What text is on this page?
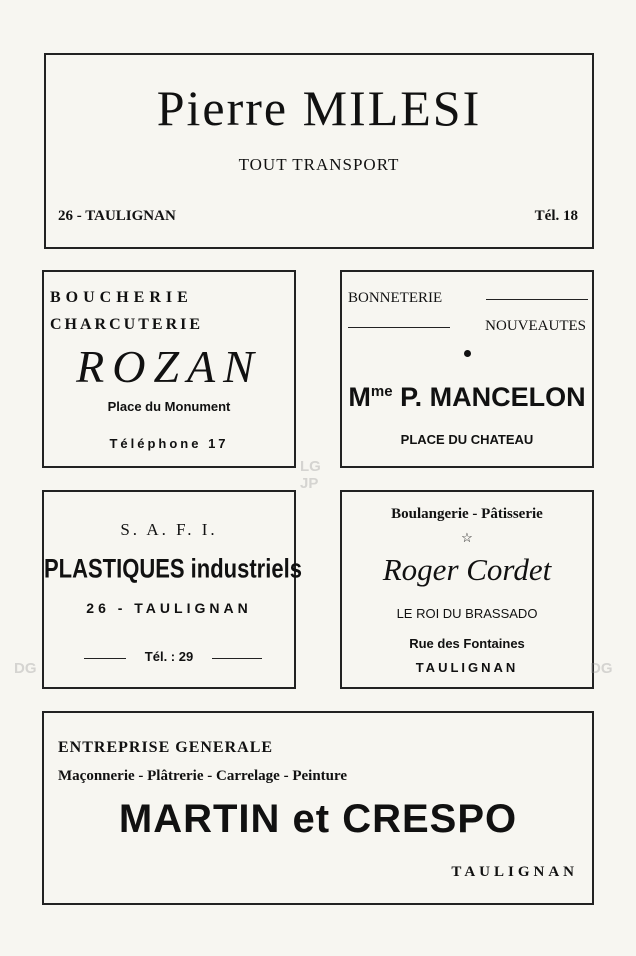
Pierre MILESI
TOUT TRANSPORT
26 - TAULIGNAN	Tél. 18
BOUCHERIE
CHARCUTERIE
ROZAN
Place du Monument
Téléphone 17
BONNETERIE
NOUVEAUTES
$M^{me}$ P. MANCELON
PLACE DU CHATEAU
S. A. F. I.
PLASTIQUES industriels
26 - TAULIGNAN
Tél. : 29
Boulangerie - Pâtisserie
☆
Roger Cordet
LE ROI DU BRASSADO
Rue des Fontaines
TAULIGNAN
ENTREPRISE GENERALE
Maçonnerie - Plâtrerie - Carrelage - Peinture
MARTIN et CRESPO
TAULIGNAN
LG
JP
DG	DG
